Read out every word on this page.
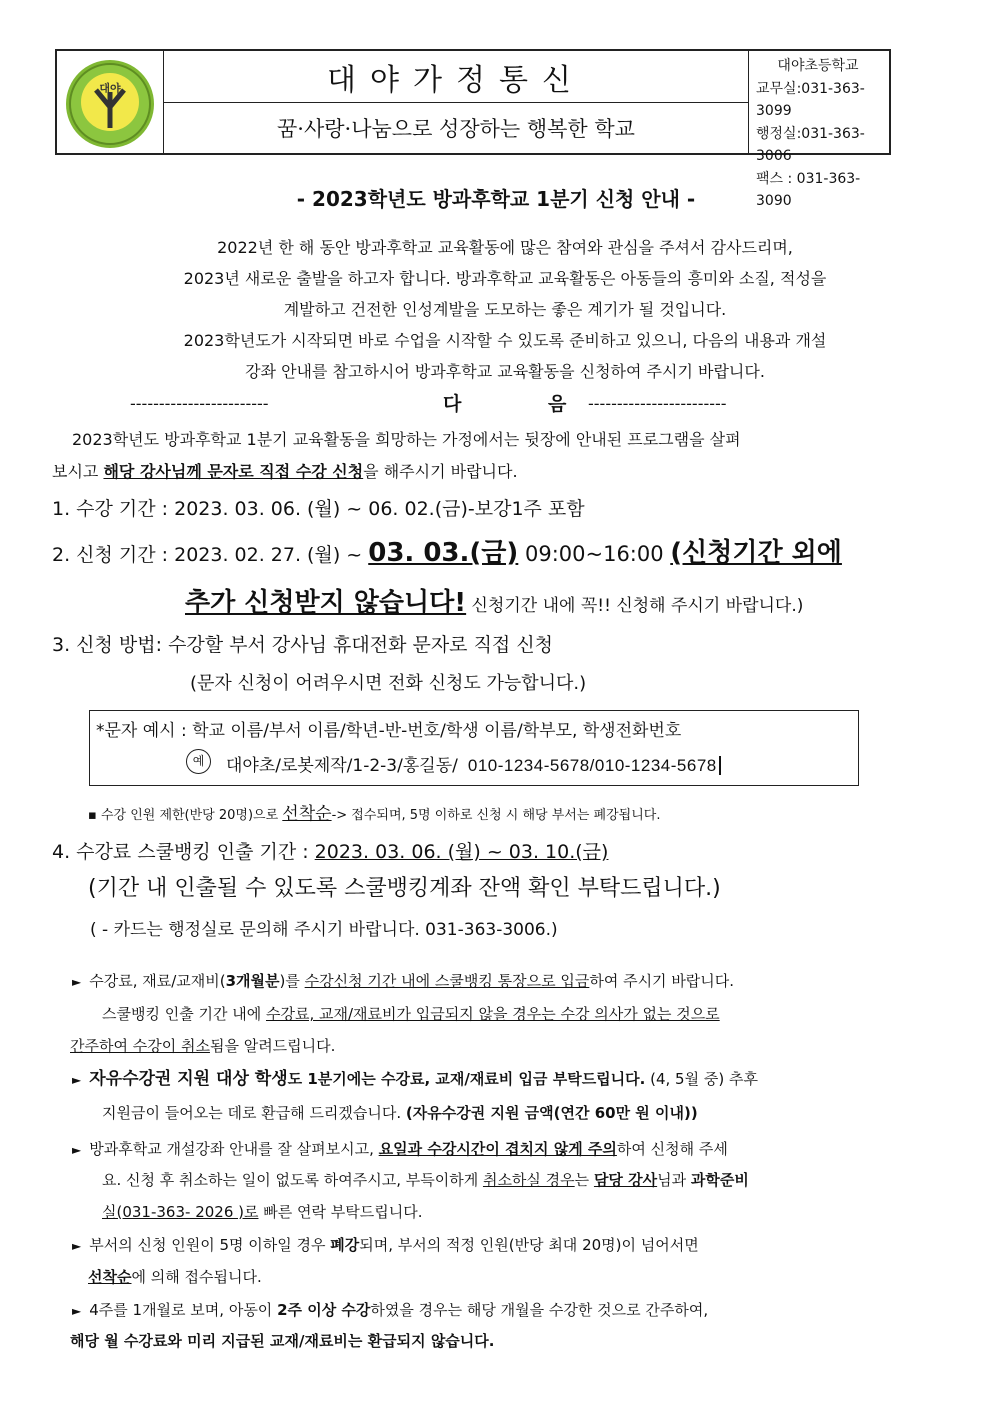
대야	대야가정통신
꿈·사랑·나눔으로 성장하는 행복한 학교
대야초등학교
교무실:031-363-3099
행정실:031-363-3006
팩스 : 031-363-3090
- 2023학년도 방과후학교 1분기 신청 안내 -
2022년 한 해 동안 방과후학교 교육활동에 많은 참여와 관심을 주셔서 감사드리며,
2023년 새로운 출발을 하고자 합니다. 방과후학교 교육활동은 아동들의 흥미와 소질, 적성을
계발하고 건전한 인성계발을 도모하는 좋은 계기가 될 것입니다.
2023학년도가 시작되면 바로 수업을 시작할 수 있도록 준비하고 있으니, 다음의 내용과 개설
강좌 안내를 참고하시어 방과후학교 교육활동을 신청하여 주시기 바랍니다.
------------------------	다 음
------------------------
2023학년도 방과후학교 1분기 교육활동을 희망하는 가정에서는 뒷장에 안내된 프로그램을 살펴
보시고 해당 강사님께 문자로 직접 수강 신청을 해주시기 바랍니다.
1. 수강 기간 : 2023. 03. 06. (월) ~ 06. 02.(금)-보강1주 포함
2. 신청 기간 : 2023. 02. 27. (월) ~ 03. 03.(금) 09:00~16:00 (신청기간 외에
추가 신청받지 않습니다! 신청기간 내에 꼭!! 신청해 주시기 바랍니다.)
3. 신청 방법: 수강할 부서 강사님 휴대전화 문자로 직접 신청
(문자 신청이 어려우시면 전화 신청도 가능합니다.)
*문자 예시 : 학교 이름/부서 이름/학년-반-번호/학생 이름/학부모, 학생전화번호
예	대야초/로봇제작/1-2-3/홍길동/ 010-1234-5678/010-1234-5678
▪ 수강 인원 제한(반당 20명)으로 선착순-> 접수되며, 5명 이하로 신청 시 해당 부서는 폐강됩니다.
4. 수강료 스쿨뱅킹 인출 기간 : 2023. 03. 06. (월) ~ 03. 10.(금)
(기간 내 인출될 수 있도록 스쿨뱅킹계좌 잔액 확인 부탁드립니다.)
( - 카드는 행정실로 문의해 주시기 바랍니다. 031-363-3006.)
► 수강료, 재료/교재비(3개월분)를 수강신청 기간 내에 스쿨뱅킹 통장으로 입금하여 주시기 바랍니다.
스쿨뱅킹 인출 기간 내에 수강료, 교재/재료비가 입금되지 않을 경우는 수강 의사가 없는 것으로
간주하여 수강이 취소됨을 알려드립니다.
► 자유수강권 지원 대상 학생도 1분기에는 수강료, 교재/재료비 입금 부탁드립니다. (4, 5월 중) 추후
지원금이 들어오는 데로 환급해 드리겠습니다. (자유수강권 지원 금액(연간 60만 원 이내))
► 방과후학교 개설강좌 안내를 잘 살펴보시고, 요일과 수강시간이 겹치지 않게 주의하여 신청해 주세
요. 신청 후 취소하는 일이 없도록 하여주시고, 부득이하게 취소하실 경우는 담당 강사님과 과학준비
실(031-363- 2026 )로 빠른 연락 부탁드립니다.
► 부서의 신청 인원이 5명 이하일 경우 폐강되며, 부서의 적정 인원(반당 최대 20명)이 넘어서면
선착순에 의해 접수됩니다.
► 4주를 1개월로 보며, 아동이 2주 이상 수강하였을 경우는 해당 개월을 수강한 것으로 간주하여,
해당 월 수강료와 미리 지급된 교재/재료비는 환급되지 않습니다.
